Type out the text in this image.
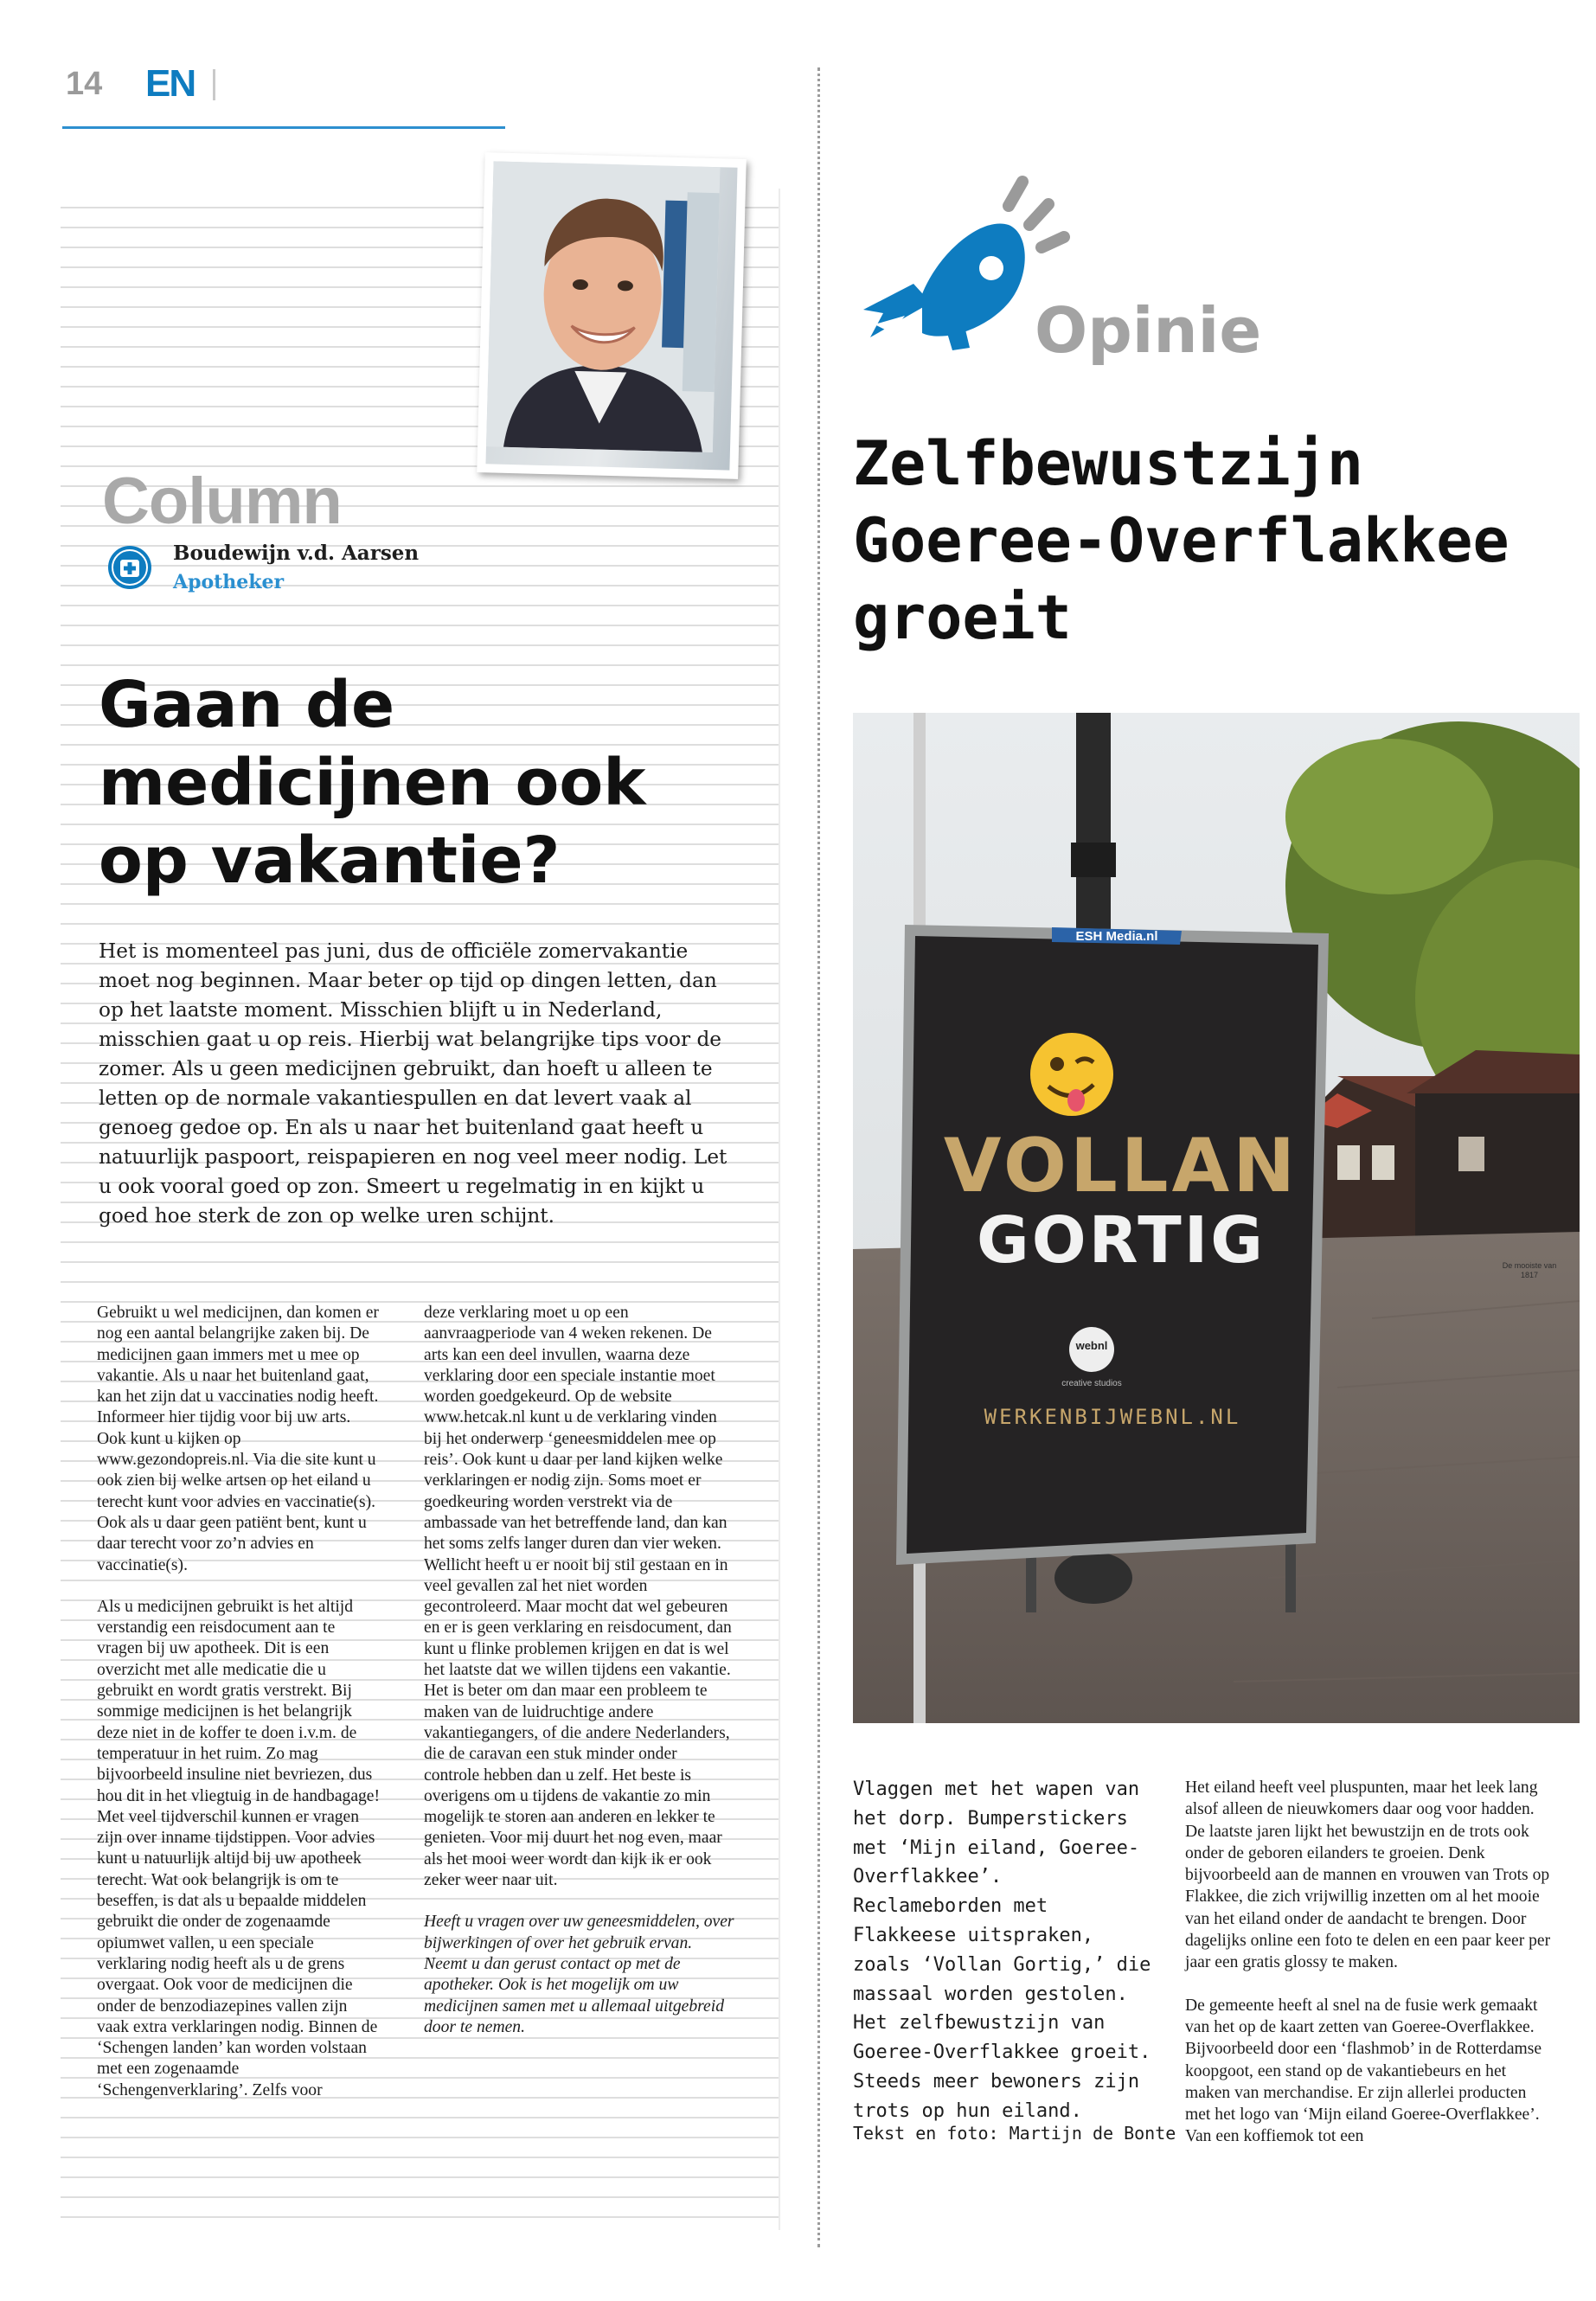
14 EN
Column
Boudewijn v.d. Aarsen
Apotheker
Gaan de medicijnen ook op vakantie?
Het is momenteel pas juni, dus de officiële zomervakantie moet nog beginnen. Maar beter op tijd op dingen letten, dan op het laatste moment. Misschien blijft u in Nederland, misschien gaat u op reis. Hierbij wat belangrijke tips voor de zomer. Als u geen medicijnen gebruikt, dan hoeft u alleen te letten op de normale vakantiespullen en dat levert vaak al genoeg gedoe op. En als u naar het buitenland gaat heeft u natuurlijk paspoort, reispapieren en nog veel meer nodig. Let u ook vooral goed op zon. Smeert u regelmatig in en kijkt u goed hoe sterk de zon op welke uren schijnt.

Gebruikt u wel medicijnen, dan komen er nog een aantal belangrijke zaken bij. De medicijnen gaan immers met u mee op vakantie. Als u naar het buitenland gaat, kan het zijn dat u vaccinaties nodig heeft. Informeer hier tijdig voor bij uw arts. Ook kunt u kijken op www.gezondopreis.nl. Via die site kunt u ook zien bij welke artsen op het eiland u terecht kunt voor advies en vaccinatie(s). Ook als u daar geen patiënt bent, kunt u daar terecht voor zo’n advies en vaccinatie(s).

Als u medicijnen gebruikt is het altijd verstandig een reisdocument aan te vragen bij uw apotheek. Dit is een overzicht met alle medicatie die u gebruikt en wordt gratis verstrekt. Bij sommige medicijnen is het belangrijk deze niet in de koffer te doen i.v.m. de temperatuur in het ruim. Zo mag bijvoorbeeld insuline niet bevriezen, dus hou dit in het vliegtuig in de handbagage! Met veel tijdverschil kunnen er vragen zijn over inname tijdstippen. Voor advies kunt u natuurlijk altijd bij uw apotheek terecht. Wat ook belangrijk is om te beseffen, is dat als u bepaalde middelen gebruikt die onder de zogenaamde opiumwet vallen, u een speciale verklaring nodig heeft als u de grens overgaat. Ook voor de medicijnen die onder de benzodiazepines vallen zijn vaak extra verklaringen nodig. Binnen de ‘Schengen landen’ kan worden volstaan met een zogenaamde ‘Schengenverklaring’. Zelfs voor

deze verklaring moet u op een aanvraagperiode van 4 weken rekenen. De arts kan een deel invullen, waarna deze verklaring door een speciale instantie moet worden goedgekeurd. Op de website www.hetcak.nl kunt u de verklaring vinden bij het onderwerp ‘geneesmiddelen mee op reis’. Ook kunt u daar per land kijken welke verklaringen er nodig zijn. Soms moet er goedkeuring worden verstrekt via de ambassade van het betreffende land, dan kan het soms zelfs langer duren dan vier weken. Wellicht heeft u er nooit bij stil gestaan en in veel gevallen zal het niet worden gecontroleerd. Maar mocht dat wel gebeuren en er is geen verklaring en reisdocument, dan kunt u flinke problemen krijgen en dat is wel het laatste dat we willen tijdens een vakantie. Het is beter om dan maar een probleem te maken van de luidruchtige andere vakantiegangers, of die andere Nederlanders, die de caravan een stuk minder onder controle hebben dan u zelf. Het beste is overigens om u tijdens de vakantie zo min mogelijk te storen aan anderen en lekker te genieten. Voor mij duurt het nog even, maar als het mooi weer wordt dan kijk ik er ook zeker weer naar uit.

Heeft u vragen over uw geneesmiddelen, over bijwerkingen of over het gebruik ervan. Neemt u dan gerust contact op met de apotheker. Ook is het mogelijk om uw medicijnen samen met u allemaal uitgebreid door te nemen.

Opinie
Zelfbewustzijn Goeree-Overflakkee groeit
ESH Media.nl
VOLLAN
GORTIG
webnl
creative studios
WERKENBIJWEBNL.NL
De mooiste van 1817
Vlaggen met het wapen van het dorp. Bumperstickers met ‘Mijn eiland, Goeree-Overflakkee’. Reclameborden met Flakkeese uitspraken, zoals ‘Vollan Gortig,’ die massaal worden gestolen. Het zelfbewustzijn van Goeree-Overflakkee groeit. Steeds meer bewoners zijn trots op hun eiland.
Tekst en foto: Martijn de Bonte

Het eiland heeft veel pluspunten, maar het leek lang alsof alleen de nieuwkomers daar oog voor hadden. De laatste jaren lijkt het bewustzijn en de trots ook onder de geboren eilanders te groeien. Denk bijvoorbeeld aan de mannen en vrouwen van Trots op Flakkee, die zich vrijwillig inzetten om al het mooie van het eiland onder de aandacht te brengen. Door dagelijks online een foto te delen en een paar keer per jaar een gratis glossy te maken.

De gemeente heeft al snel na de fusie werk gemaakt van het op de kaart zetten van Goeree-Overflakkee. Bijvoorbeeld door een ‘flashmob’ in de Rotterdamse koopgoot, een stand op de vakantiebeurs en het maken van merchandise. Er zijn allerlei producten met het logo van ‘Mijn eiland Goeree-Overflakkee’. Van een koffiemok tot een
